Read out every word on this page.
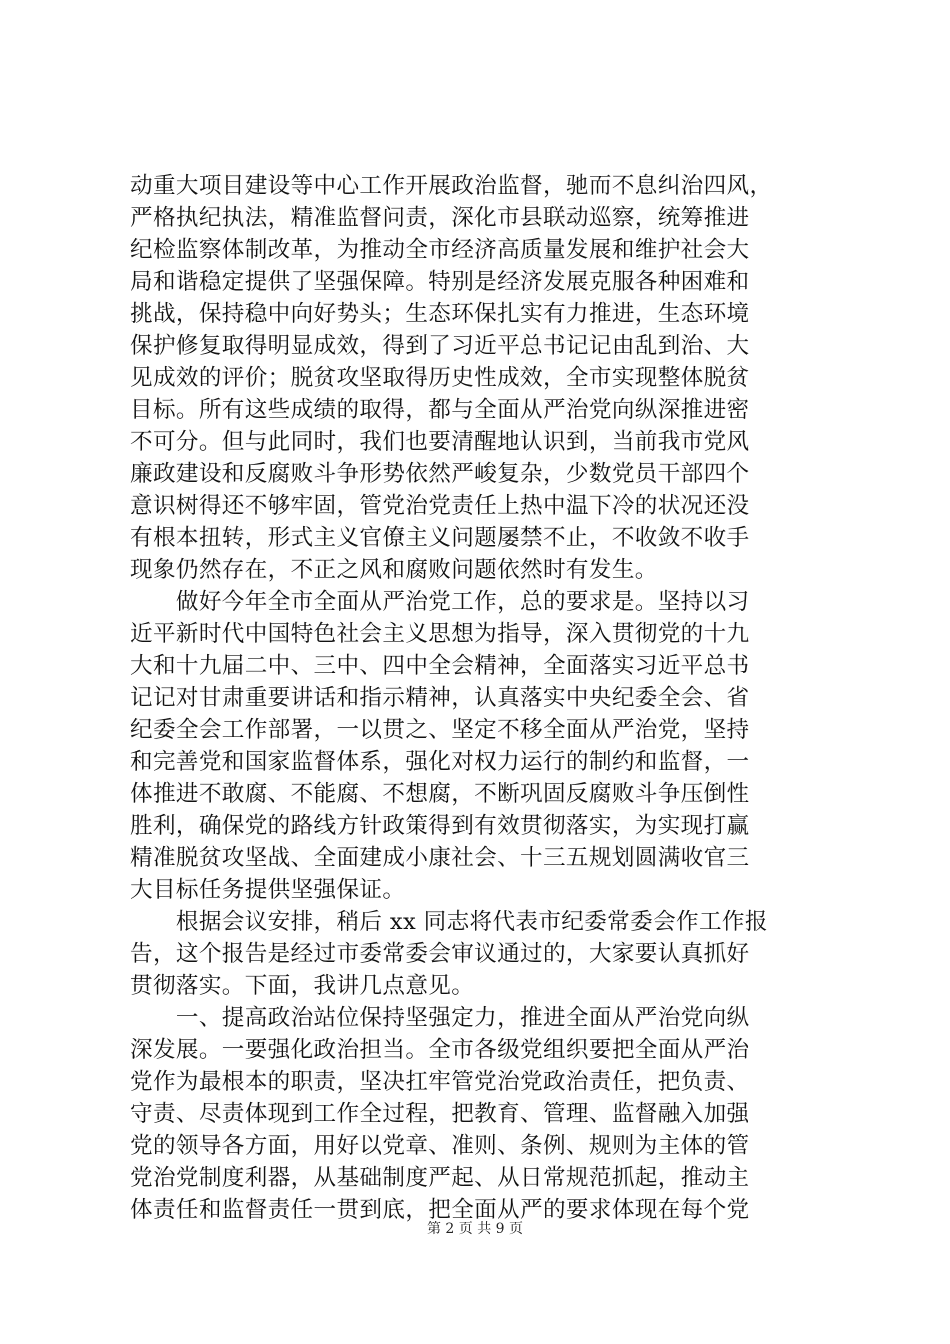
动重大项目建设等中心工作开展政治监督，驰而不息纠治四风，
严格执纪执法，精准监督问责，深化市县联动巡察，统筹推进
纪检监察体制改革，为推动全市经济高质量发展和维护社会大
局和谐稳定提供了坚强保障。特别是经济发展克服各种困难和
挑战，保持稳中向好势头；生态环保扎实有力推进，生态环境
保护修复取得明显成效，得到了习近平总书记记由乱到治、大
见成效的评价；脱贫攻坚取得历史性成效，全市实现整体脱贫
目标。所有这些成绩的取得，都与全面从严治党向纵深推进密
不可分。但与此同时，我们也要清醒地认识到，当前我市党风
廉政建设和反腐败斗争形势依然严峻复杂，少数党员干部四个
意识树得还不够牢固，管党治党责任上热中温下冷的状况还没
有根本扭转，形式主义官僚主义问题屡禁不止，不收敛不收手
现象仍然存在，不正之风和腐败问题依然时有发生。
　　做好今年全市全面从严治党工作，总的要求是。坚持以习
近平新时代中国特色社会主义思想为指导，深入贯彻党的十九
大和十九届二中、三中、四中全会精神，全面落实习近平总书
记记对甘肃重要讲话和指示精神，认真落实中央纪委全会、省
纪委全会工作部署，一以贯之、坚定不移全面从严治党，坚持
和完善党和国家监督体系，强化对权力运行的制约和监督，一
体推进不敢腐、不能腐、不想腐，不断巩固反腐败斗争压倒性
胜利，确保党的路线方针政策得到有效贯彻落实，为实现打赢
精准脱贫攻坚战、全面建成小康社会、十三五规划圆满收官三
大目标任务提供坚强保证。
　　根据会议安排，稍后 xx 同志将代表市纪委常委会作工作报
告，这个报告是经过市委常委会审议通过的，大家要认真抓好
贯彻落实。下面，我讲几点意见。
　　一、提高政治站位保持坚强定力，推进全面从严治党向纵
深发展。一要强化政治担当。全市各级党组织要把全面从严治
党作为最根本的职责，坚决扛牢管党治党政治责任，把负责、
守责、尽责体现到工作全过程，把教育、管理、监督融入加强
党的领导各方面，用好以党章、准则、条例、规则为主体的管
党治党制度利器，从基础制度严起、从日常规范抓起，推动主
体责任和监督责任一贯到底，把全面从严的要求体现在每个党
第 2 页 共 9 页
